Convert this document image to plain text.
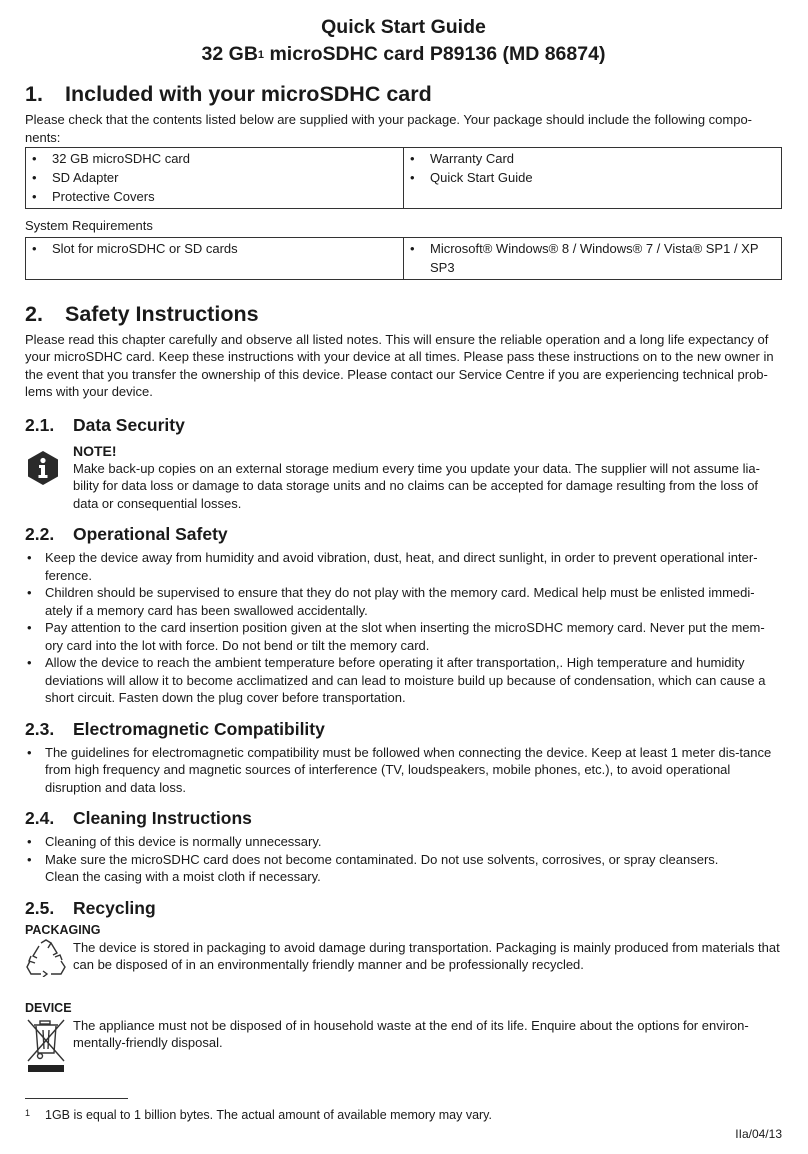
Quick Start Guide
32 $GB^1$ microSDHC card P89136 (MD 86874)
1.	Included with your microSDHC card

Please check that the contents listed below are supplied with your package. Your package should include the following compo-nents:

• 32 GB microSDHC card
• SD Adapter
• Protective Covers

• Warranty Card
• Quick Start Guide

System Requirements

• Slot for microSDHC or SD cards

•Microsoft® Windows® 8 / Windows® 7 / Vista® SP1 / XP SP3
2.	Safety Instructions

Please read this chapter carefully and observe all listed notes. This will ensure the reliable operation and a long life expectancy of your microSDHC card. Keep these instructions with your device at all times. Please pass these instructions on to the new owner in the event that you transfer the ownership of this device. Please contact our Service Centre if you are experiencing technical prob-lems with your device.

2.1.	Data Security
NOTE!

Make back-up copies on an external storage medium every time you update your data. The supplier will not assume lia-bility for data loss or damage to data storage units and no claims can be accepted for damage resulting from the loss of data or consequential losses.

2.2.	Operational Safety
• Keep the device away from humidity and avoid vibration, dust, heat, and direct sunlight, in order to prevent operational inter-ference.
• Children should be supervised to ensure that they do not play with the memory card. Medical help must be enlisted immedi-ately if a memory card has been swallowed accidentally.
• Pay attention to the card insertion position given at the slot when inserting the microSDHC memory card. Never put the mem-ory card into the lot with force. Do not bend or tilt the memory card.
• Allow the device to reach the ambient temperature before operating it after transportation,. High temperature and humidity deviations will allow it to become acclimatized and can lead to moisture build up because of condensation, which can cause a short circuit. Fasten down the plug cover before transportation.
2.3.	Electromagnetic Compatibility
• The guidelines for electromagnetic compatibility must be followed when connecting the device. Keep at least 1 meter dis-tance from high frequency and magnetic sources of interference (TV, loudspeakers, mobile phones, etc.), to avoid operational disruption and data loss.
2.4.	Cleaning Instructions
• Cleaning of this device is normally unnecessary.
• Make sure the microSDHC card does not become contaminated. Do not use solvents, corrosives, or spray cleansers.
Clean the casing with a moist cloth if necessary.
2.5.	Recycling
PACKAGING

The device is stored in packaging to avoid damage during transportation. Packaging is mainly produced from materials that can be disposed of in an environmentally friendly manner and be professionally recycled.

DEVICE

The appliance must not be disposed of in household waste at the end of its life. Enquire about the options for environ-mentally-friendly disposal.

1	1GB is equal to 1 billion bytes. The actual amount of available memory may vary.
IIa/04/13
